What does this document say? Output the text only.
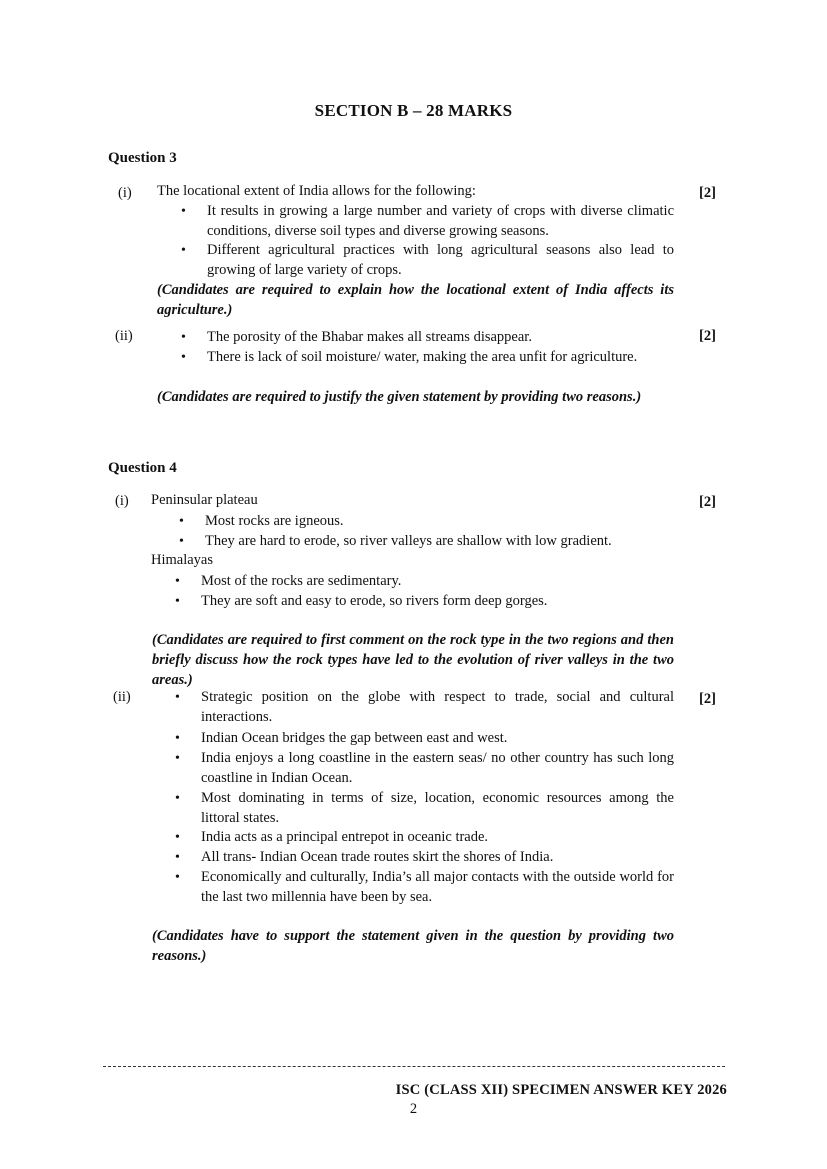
SECTION B – 28 MARKS
Question 3
(i)	[2]
The locational extent of India allows for the following:
• It results in growing a large number and variety of crops with diverse climatic conditions, diverse soil types and diverse growing seasons.
• Different agricultural practices with long agricultural seasons also lead to growing of large variety of crops.
(Candidates are required to explain how the locational extent of India affects its agriculture.)
(ii)	[2]
• The porosity of the Bhabar makes all streams disappear.
• There is lack of soil moisture/ water, making the area unfit for agriculture.
(Candidates are required to justify the given statement by providing two reasons.)
Question 4
(i)	[2]
Peninsular plateau
• Most rocks are igneous.
• They are hard to erode, so river valleys are shallow with low gradient.
Himalayas
• Most of the rocks are sedimentary.
• They are soft and easy to erode, so rivers form deep gorges.
(Candidates are required to first comment on the rock type in the two regions and then briefly discuss how the rock types have led to the evolution of river valleys in the two areas.)
(ii)	[2]
• Strategic position on the globe with respect to trade, social and cultural interactions.
• Indian Ocean bridges the gap between east and west.
• India enjoys a long coastline in the eastern seas/ no other country has such long coastline in Indian Ocean.
• Most dominating in terms of size, location, economic resources among the littoral states.
• India acts as a principal entrepot in oceanic trade.
• All trans- Indian Ocean trade routes skirt the shores of India.
• Economically and culturally, India’s all major contacts with the outside world for the last two millennia have been by sea.
(Candidates have to support the statement given in the question by providing two reasons.)
ISC (CLASS XII) SPECIMEN ANSWER KEY 2026
2
